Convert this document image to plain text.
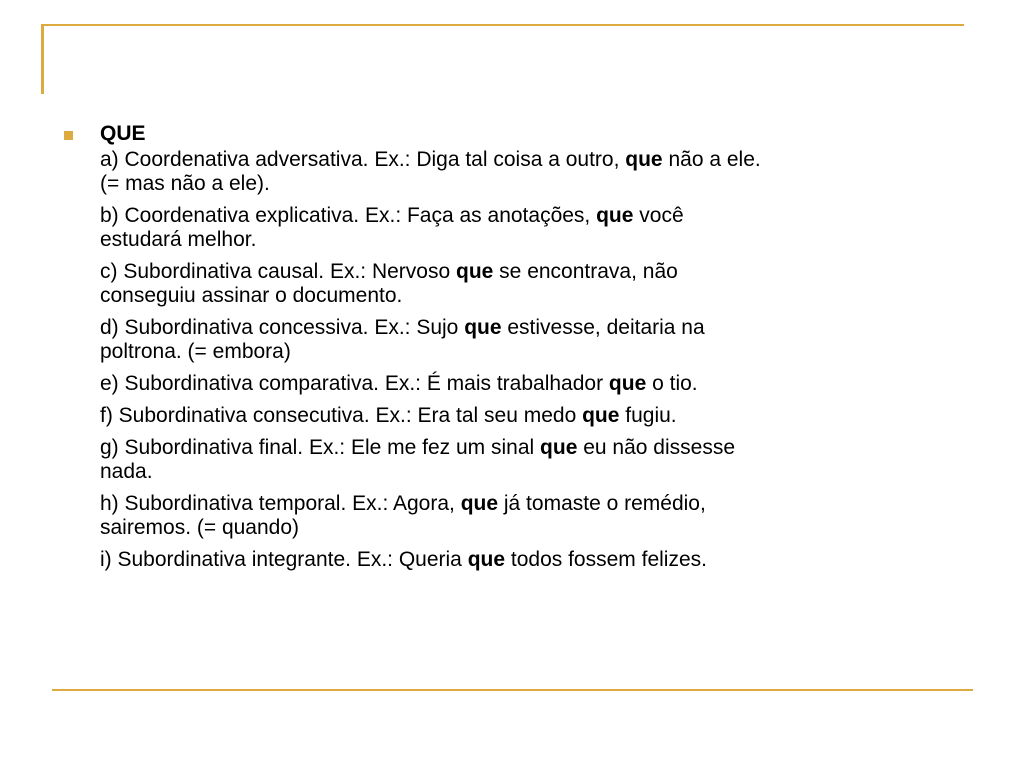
QUE
a) Coordenativa adversativa. Ex.: Diga tal coisa a outro, que não a ele.
(= mas não a ele).
b) Coordenativa explicativa. Ex.: Faça as anotações, que você
estudará melhor.
c) Subordinativa causal. Ex.: Nervoso que se encontrava, não
conseguiu assinar o documento.
d) Subordinativa concessiva. Ex.: Sujo que estivesse, deitaria na
poltrona. (= embora)
e) Subordinativa comparativa. Ex.: É mais trabalhador que o tio.
f) Subordinativa consecutiva. Ex.: Era tal seu medo que fugiu.
g) Subordinativa final. Ex.: Ele me fez um sinal que eu não dissesse
nada.
h) Subordinativa temporal. Ex.: Agora, que já tomaste o remédio,
sairemos. (= quando)
i) Subordinativa integrante. Ex.: Queria que todos fossem felizes.
